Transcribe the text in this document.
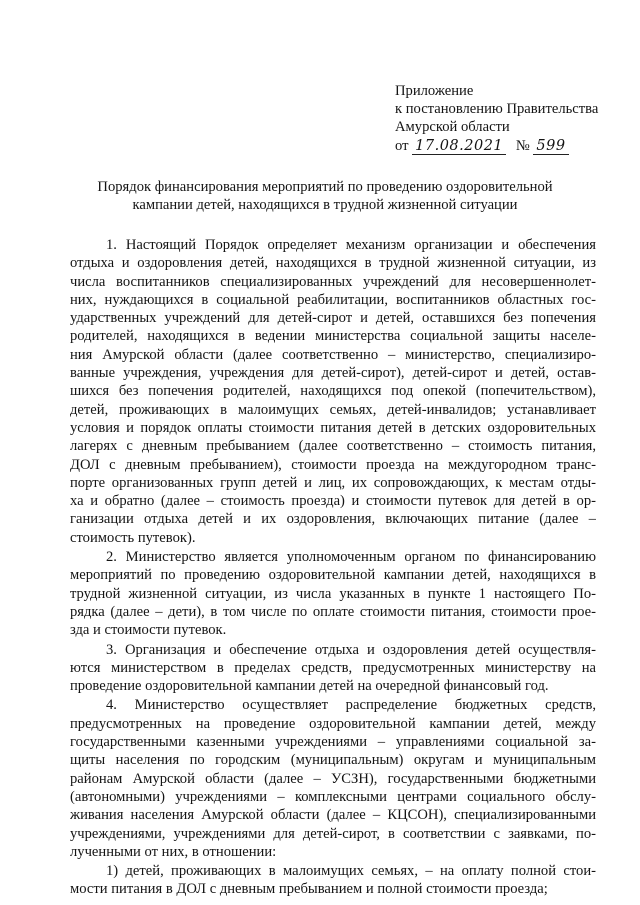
Приложение
к постановлению Правительства
Амурской области
от 17.08.2021 № 599
Порядок финансирования мероприятий по проведению оздоровительной
кампании детей, находящихся в трудной жизненной ситуации
1. Настоящий Порядок определяет механизм организации и обеспечения
отдыха и оздоровления детей, находящихся в трудной жизненной ситуации, из
числа воспитанников специализированных учреждений для несовершеннолет-
них, нуждающихся в социальной реабилитации, воспитанников областных гос-
ударственных учреждений для детей-сирот и детей, оставшихся без попечения
родителей, находящихся в ведении министерства социальной защиты населе-
ния Амурской области (далее соответственно – министерство, специализиро-
ванные учреждения, учреждения для детей-сирот), детей-сирот и детей, остав-
шихся без попечения родителей, находящихся под опекой (попечительством),
детей, проживающих в малоимущих семьях, детей-инвалидов; устанавливает
условия и порядок оплаты стоимости питания детей в детских оздоровительных
лагерях с дневным пребыванием (далее соответственно – стоимость питания,
ДОЛ с дневным пребыванием), стоимости проезда на междугородном транс-
порте организованных групп детей и лиц, их сопровождающих, к местам отды-
ха и обратно (далее – стоимость проезда) и стоимости путевок для детей в ор-
ганизации отдыха детей и их оздоровления, включающих питание (далее –
стоимость путевок).
2. Министерство является уполномоченным органом по финансированию
мероприятий по проведению оздоровительной кампании детей, находящихся в
трудной жизненной ситуации, из числа указанных в пункте 1 настоящего По-
рядка (далее – дети), в том числе по оплате стоимости питания, стоимости прое-
зда и стоимости путевок.
3. Организация и обеспечение отдыха и оздоровления детей осуществля-
ются министерством в пределах средств, предусмотренных министерству на
проведение оздоровительной кампании детей на очередной финансовый год.
4. Министерство осуществляет распределение бюджетных средств,
предусмотренных на проведение оздоровительной кампании детей, между
государственными казенными учреждениями – управлениями социальной за-
щиты населения по городским (муниципальным) округам и муниципальным
районам Амурской области (далее – УСЗН), государственными бюджетными
(автономными) учреждениями – комплексными центрами социального обслу-
живания населения Амурской области (далее – КЦСОН), специализированными
учреждениями, учреждениями для детей-сирот, в соответствии с заявками, по-
лученными от них, в отношении:
1) детей, проживающих в малоимущих семьях, – на оплату полной стои-
мости питания в ДОЛ с дневным пребыванием и полной стоимости проезда;
